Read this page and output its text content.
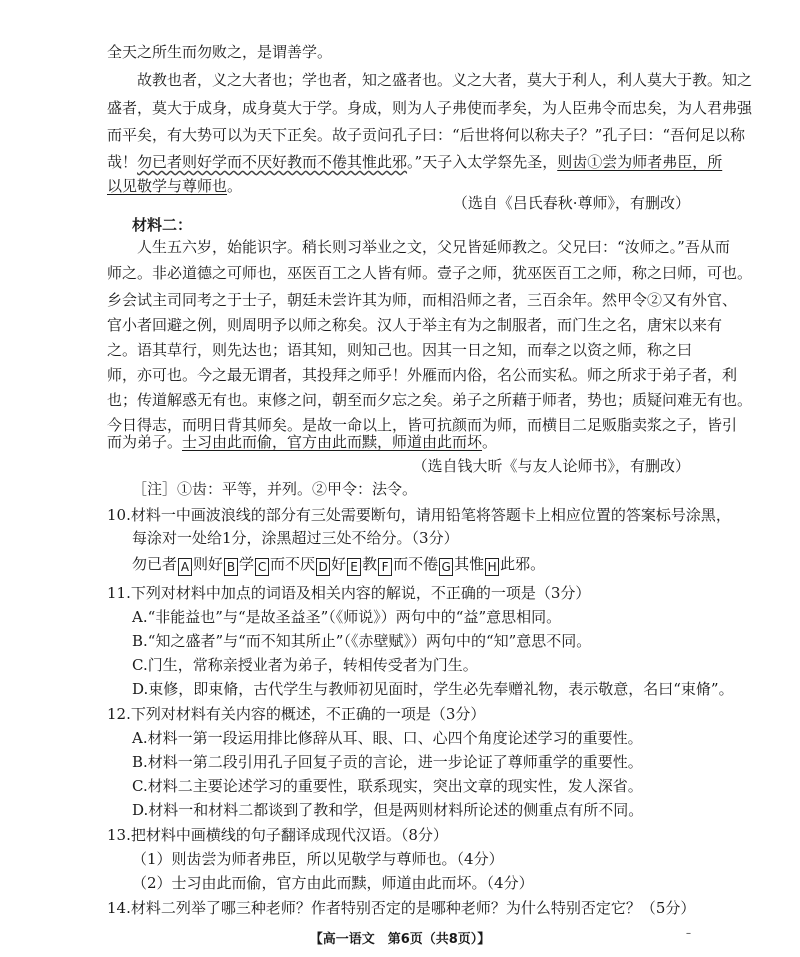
全天之所生而勿败之，是谓善学。
故教也者，义之大者也；学也者，知之盛者也。义之大者，莫大于利人，利人莫大于教。知之
盛者，莫大于成身，成身莫大于学。身成，则为人子弗使而孝矣，为人臣弗令而忠矣，为人君弗强
而平矣，有大势可以为天下正矣。故子贡问孔子曰：“后世将何以称夫子？”孔子曰：“吾何足以称
哉！勿已者则好学而不厌好教而不倦其惟此邪。”天子入太学祭先圣，则齿①尝为师者弗臣，所
以见敬学与尊师也。
（选自《吕氏春秋·尊师》，有删改）
材料二：
人生五六岁，始能识字。稍长则习举业之文，父兄皆延师教之。父兄曰：“汝师之。”吾从而
师之。非必道德之可师也，巫医百工之人皆有师。壹子之师，犹巫医百工之师，称之曰师，可也。
乡会试主司同考之于士子，朝廷未尝许其为师，而相沿师之者，三百余年。然甲令②又有外官、
官小者回避之例，则周明予以师之称矣。汉人于举主有为之制服者，而门生之名，唐宋以来有
之。语其草行，则先达也；语其知，则知己也。因其一日之知，而奉之以资之师，称之曰
师，亦可也。今之最无谓者，其投拜之师乎！外雁而内俗，名公而实私。师之所求于弟子者，利
也；传道解惑无有也。束修之问，朝至而夕忘之矣。弟子之所藉于师者，势也；质疑问难无有也。
今日得志，而明日背其师矣。是故一命以上，皆可抗颜而为师，而横目二足贩脂卖浆之子，皆引
而为弟子。士习由此而偷，官方由此而黩，师道由此而坏。
（选自钱大昕《与友人论师书》，有删改）
［注］①齿：平等，并列。②甲令：法令。
10.材料一中画波浪线的部分有三处需要断句，请用铅笔将答题卡上相应位置的答案标号涂黑，
每涂对一处给1分，涂黑超过三处不给分。（3分）
勿已者 A 则好 B 学 C 而不厌 D 好 E 教 F 而不倦 G 其惟 H 此邪。
11.下列对材料中加点的词语及相关内容的解说，不正确的一项是（3分）
A.“非能益也”与“是故圣益圣”（《师说》）两句中的“益”意思相同。
B.“知之盛者”与“而不知其所止”（《赤壁赋》）两句中的“知”意思不同。
C.门生，常称亲授业者为弟子，转相传受者为门生。
D.束修，即束脩，古代学生与教师初见面时，学生必先奉赠礼物，表示敬意，名曰“束脩”。
12.下列对材料有关内容的概述，不正确的一项是（3分）
A.材料一第一段运用排比修辞从耳、眼、口、心四个角度论述学习的重要性。
B.材料一第二段引用孔子回复子贡的言论，进一步论证了尊师重学的重要性。
C.材料二主要论述学习的重要性，联系现实，突出文章的现实性，发人深省。
D.材料一和材料二都谈到了教和学，但是两则材料所论述的侧重点有所不同。
13.把材料中画横线的句子翻译成现代汉语。（8分）
（1）则齿尝为师者弗臣，所以见敬学与尊师也。（4分）
（2）士习由此而偷，官方由此而黩，师道由此而坏。（4分）
14.材料二列举了哪三种老师？作者特别否定的是哪种老师？为什么特别否定它？（5分）
【高一语文　第6页（共8页）】	–
